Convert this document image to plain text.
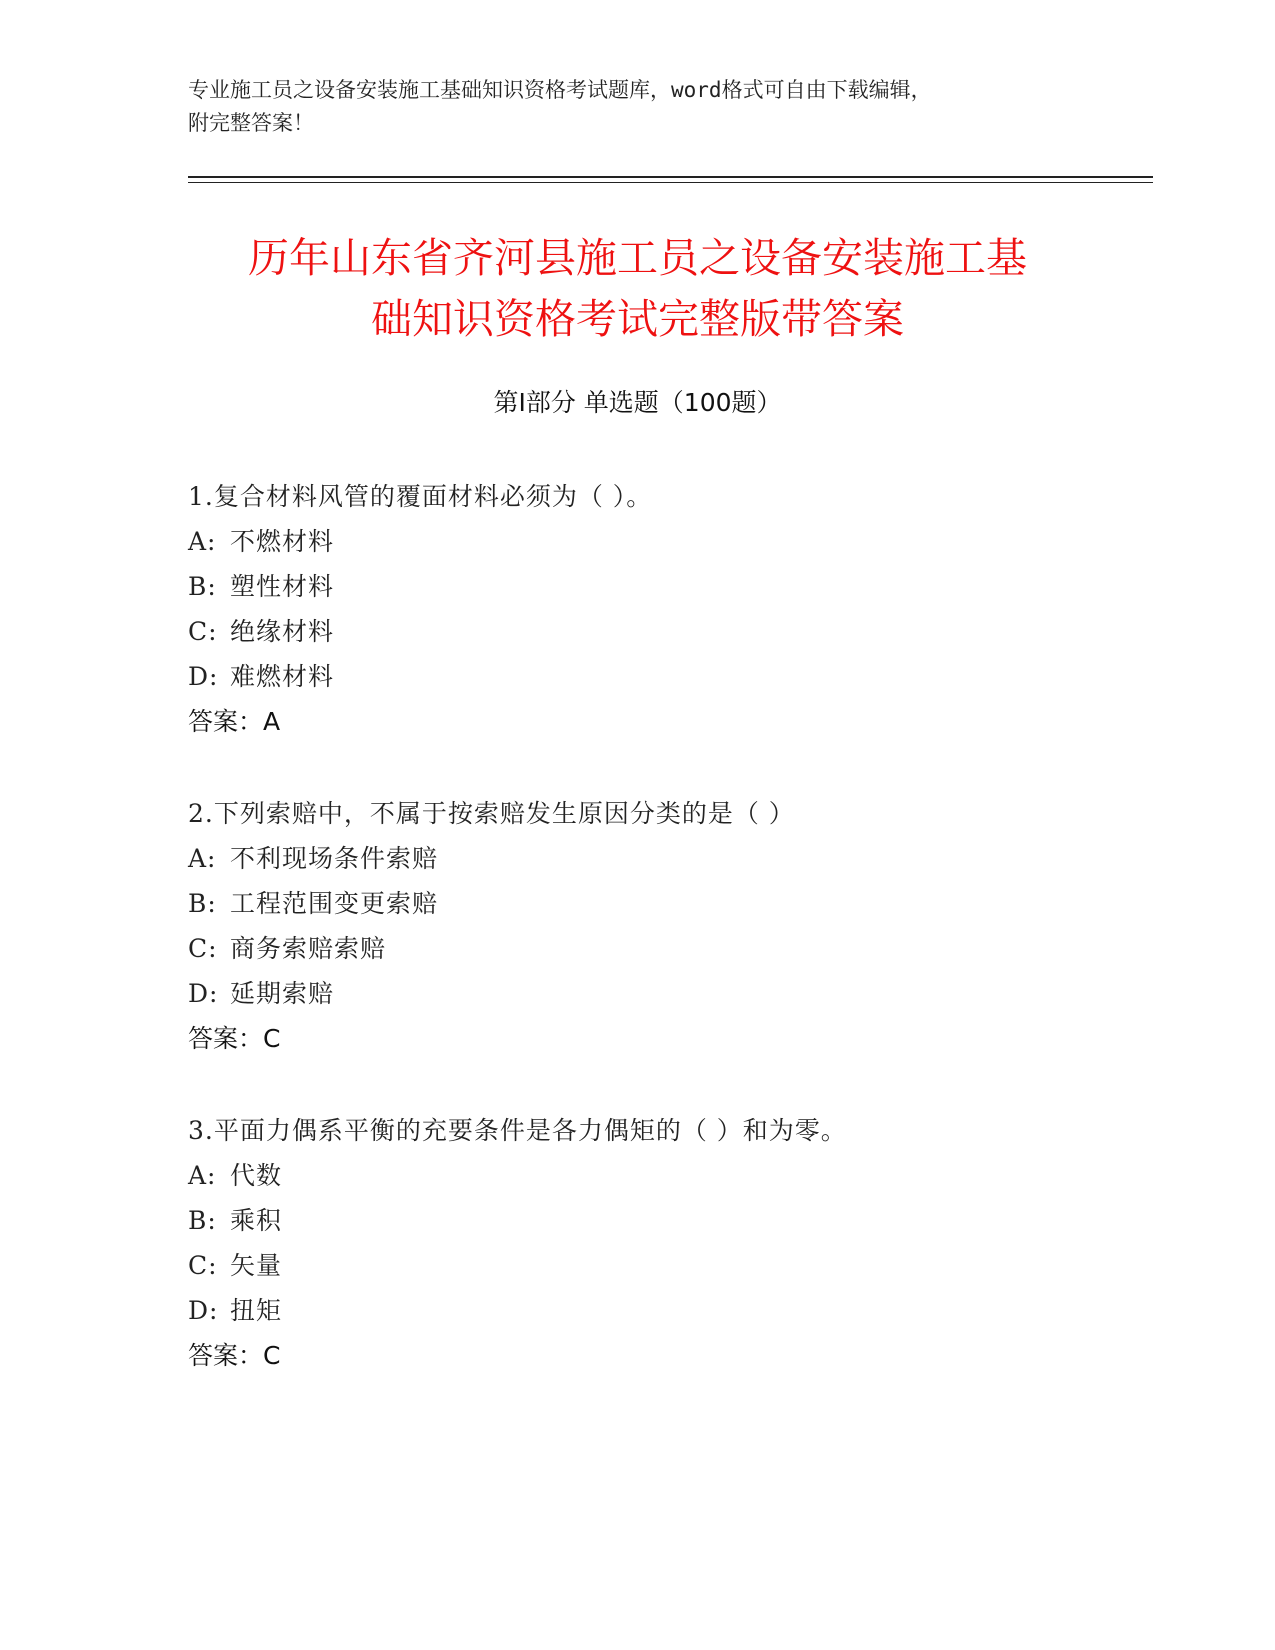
专业施工员之设备安装施工基础知识资格考试题库，word格式可自由下载编辑，
附完整答案！
历年山东省齐河县施工员之设备安装施工基
础知识资格考试完整版带答案
第Ⅰ部分 单选题（100题）
1.复合材料风管的覆面材料必须为（ ）。
A: 不燃材料
B: 塑性材料
C: 绝缘材料
D: 难燃材料
答案：A
2.下列索赔中，不属于按索赔发生原因分类的是（ ）
A: 不利现场条件索赔
B: 工程范围变更索赔
C: 商务索赔索赔
D: 延期索赔
答案：C
3.平面力偶系平衡的充要条件是各力偶矩的（ ）和为零。
A: 代数
B: 乘积
C: 矢量
D: 扭矩
答案：C
